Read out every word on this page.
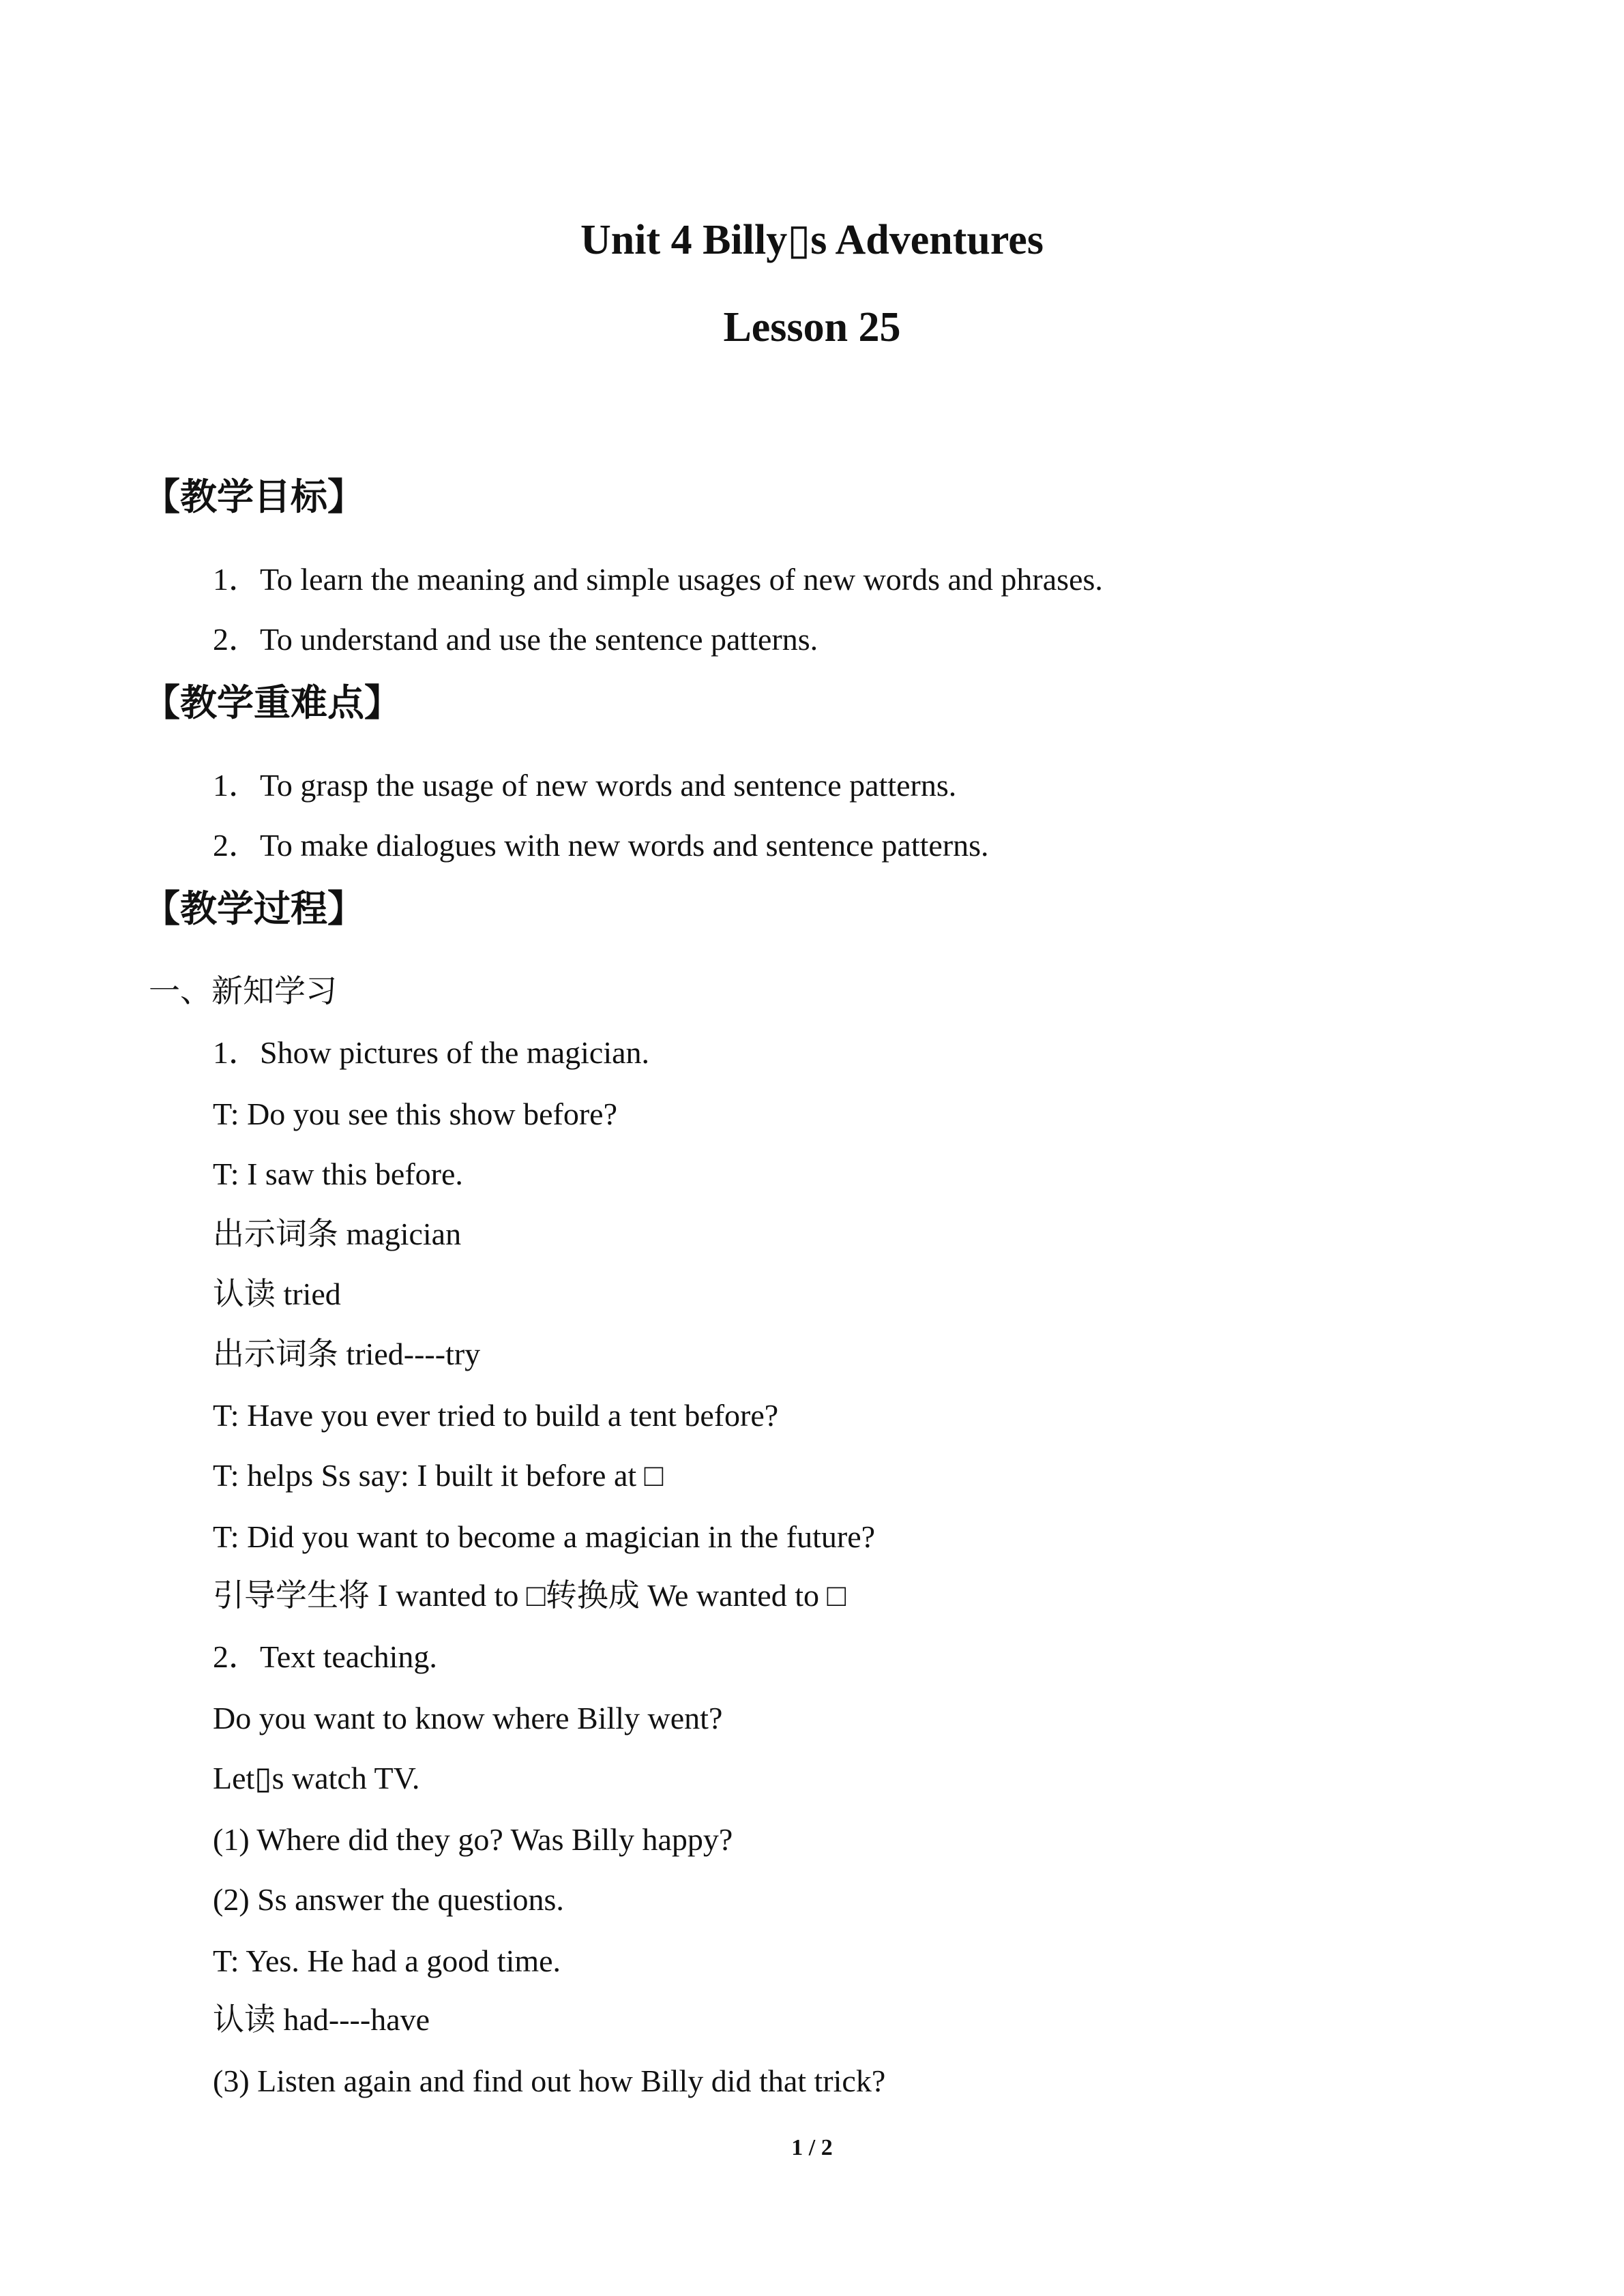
Unit 4 Billy▯s Adventures
Lesson 25
【教学目标】
1．To learn the meaning and simple usages of new words and phrases.
2．To understand and use the sentence patterns.
【教学重难点】
1．To grasp the usage of new words and sentence patterns.
2．To make dialogues with new words and sentence patterns.
【教学过程】
一、新知学习
1．Show pictures of the magician.
T: Do you see this show before?
T: I saw this before.
出示词条 magician
认读 tried
出示词条 tried----try
T: Have you ever tried to build a tent before?
T: helps Ss say: I built it before at □
T: Did you want to become a magician in the future?
引导学生将 I wanted to □转换成 We wanted to □
2．Text teaching.
Do you want to know where Billy went?
Let▯s watch TV.
(1) Where did they go? Was Billy happy?
(2) Ss answer the questions.
T: Yes. He had a good time.
认读 had----have
(3) Listen again and find out how Billy did that trick?
1 / 2
